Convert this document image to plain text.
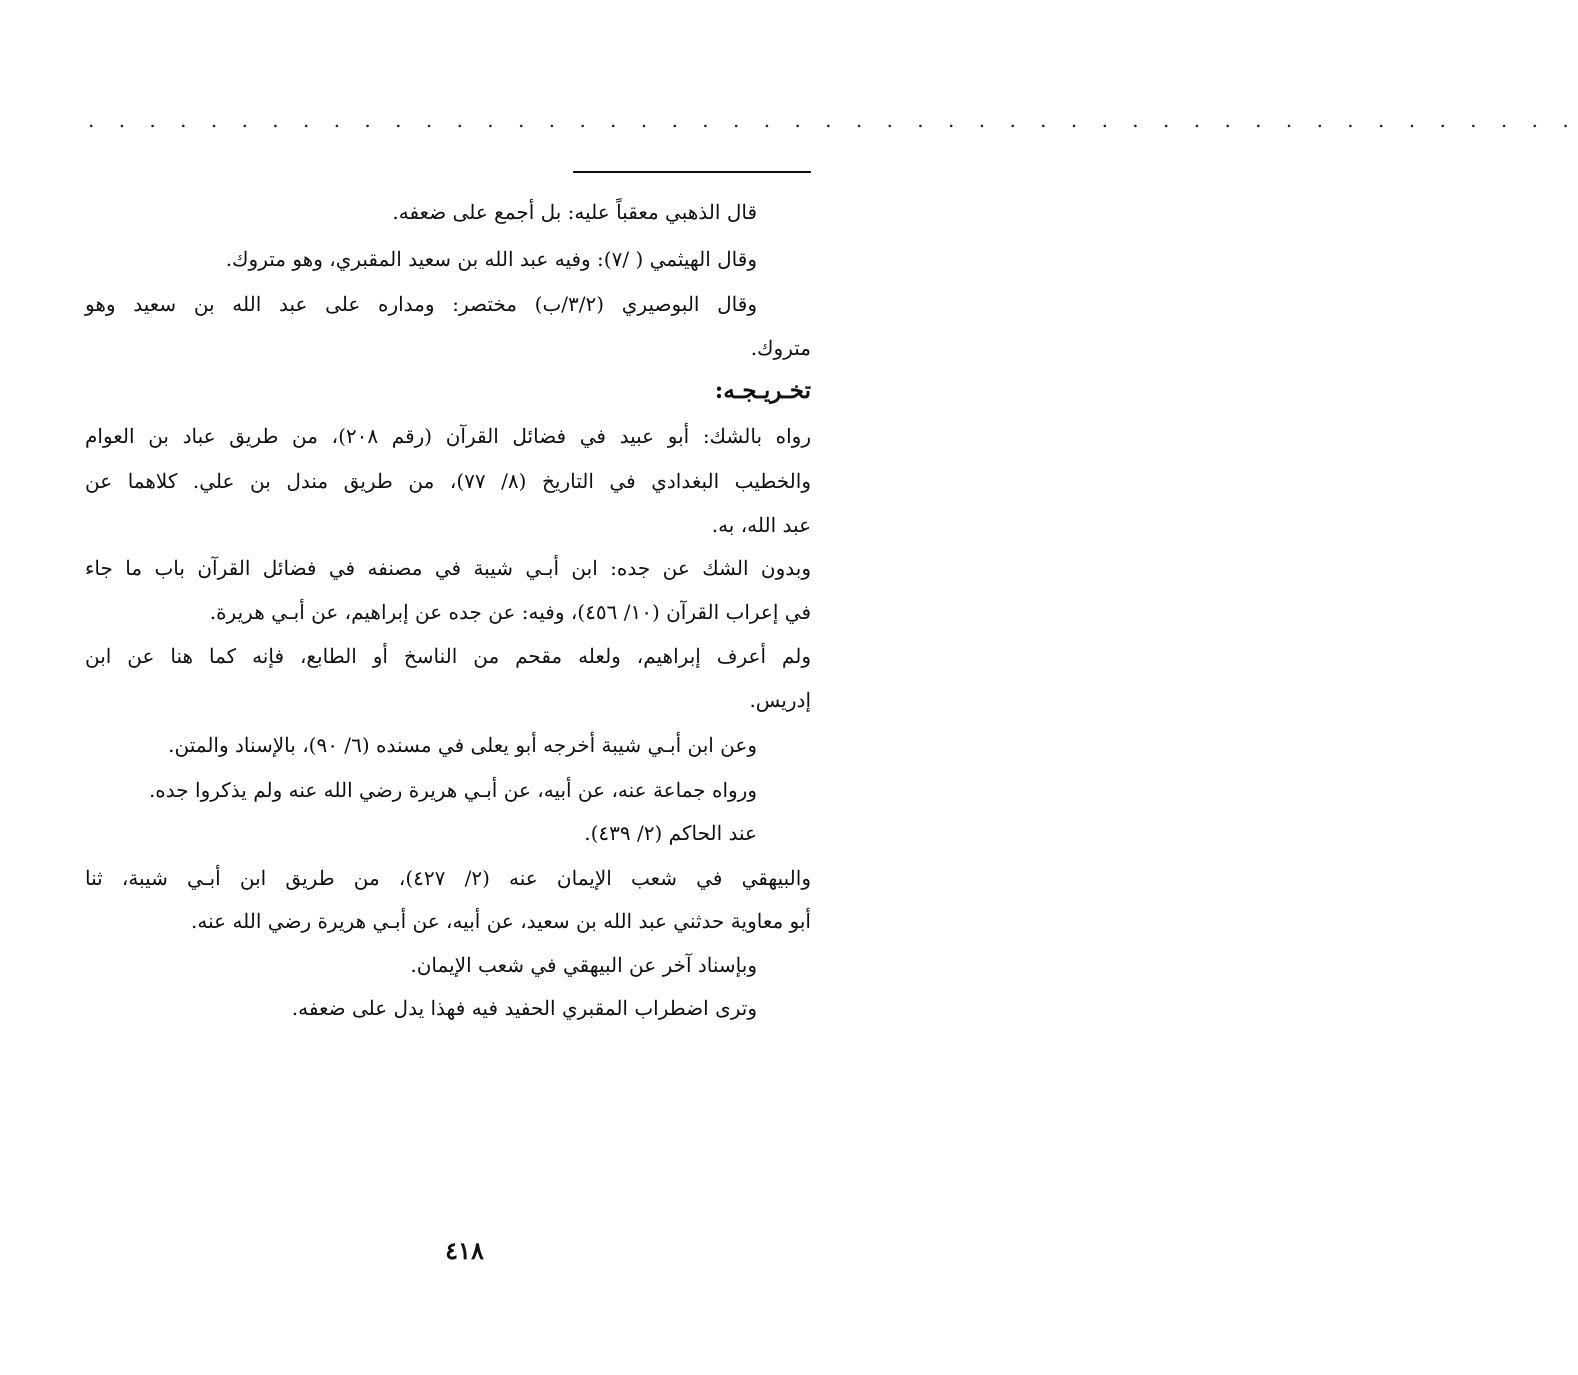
. . . . . . . . . . . . . . . . . . . . . . . . . . . . . . . . . . . . . . . . . . . . . . . . .
قال الذهبي معقباً عليه: بل أجمع على ضعفه.
وقال الهيثمي ( /٧): وفيه عبد الله بن سعيد المقبري، وهو متروك.
وقال البوصيري (٣/٢/ب) مختصر: ومداره على عبد الله بن سعيد وهو
متروك.
تخـريـجـه:
رواه بالشك: أبو عبيد في فضائل القرآن (رقم ٢٠٨)، من طريق عباد بن العوام
والخطيب البغدادي في التاريخ (٨/ ٧٧)، من طريق مندل بن علي. كلاهما عن
عبد الله، به.
وبدون الشك عن جده: ابن أبـي شيبة في مصنفه في فضائل القرآن باب ما جاء
في إعراب القرآن (١٠/ ٤٥٦)، وفيه: عن جده عن إبراهيم، عن أبـي هريرة.
ولم أعرف إبراهيم، ولعله مقحم من الناسخ أو الطابع، فإنه كما هنا عن ابن
إدريس.
وعن ابن أبـي شيبة أخرجه أبو يعلى في مسنده (٦/ ٩٠)، بالإسناد والمتن.
ورواه جماعة عنه، عن أبيه، عن أبـي هريرة رضي الله عنه ولم يذكروا جده.
عند الحاكم (٢/ ٤٣٩).
والبيهقي في شعب الإيمان عنه (٢/ ٤٢٧)، من طريق ابن أبـي شيبة، ثنا
أبو معاوية حدثني عبد الله بن سعيد، عن أبيه، عن أبـي هريرة رضي الله عنه.
وبإسناد آخر عن البيهقي في شعب الإيمان.
وترى اضطراب المقبري الحفيد فيه فهذا يدل على ضعفه.
٤١٨
